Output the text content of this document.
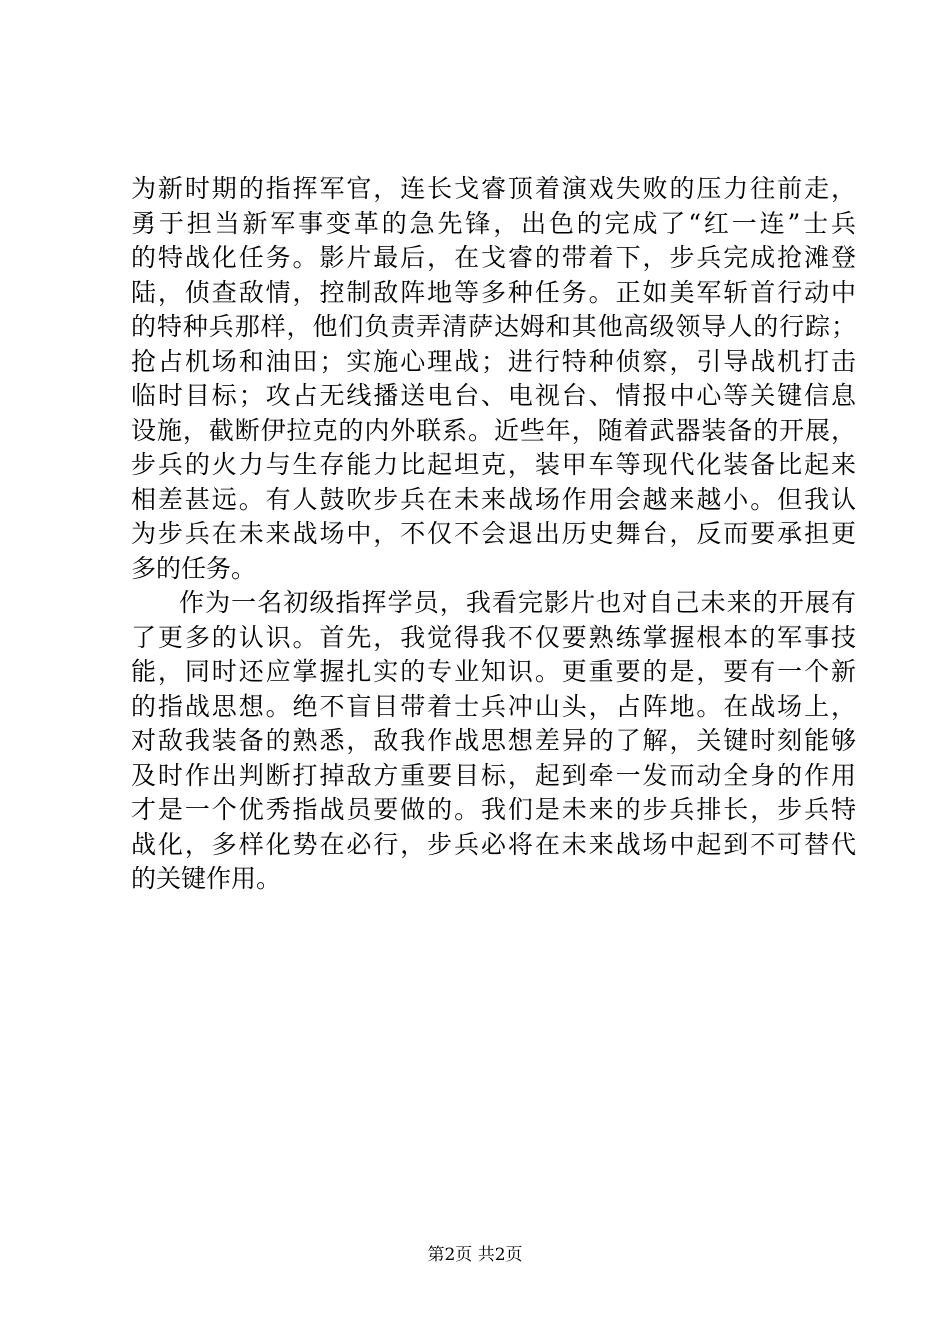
为新时期的指挥军官，连长戈睿顶着演戏失败的压力往前走，
勇于担当新军事变革的急先锋，出色的完成了“红一连”士兵
的特战化任务。影片最后，在戈睿的带着下，步兵完成抢滩登
陆，侦查敌情，控制敌阵地等多种任务。正如美军斩首行动中
的特种兵那样，他们负责弄清萨达姆和其他高级领导人的行踪；
抢占机场和油田；实施心理战；进行特种侦察，引导战机打击
临时目标；攻占无线播送电台、电视台、情报中心等关键信息
设施，截断伊拉克的内外联系。近些年，随着武器装备的开展，
步兵的火力与生存能力比起坦克，装甲车等现代化装备比起来
相差甚远。有人鼓吹步兵在未来战场作用会越来越小。但我认
为步兵在未来战场中，不仅不会退出历史舞台，反而要承担更
多的任务。
作为一名初级指挥学员，我看完影片也对自己未来的开展有
了更多的认识。首先，我觉得我不仅要熟练掌握根本的军事技
能，同时还应掌握扎实的专业知识。更重要的是，要有一个新
的指战思想。绝不盲目带着士兵冲山头，占阵地。在战场上，
对敌我装备的熟悉，敌我作战思想差异的了解，关键时刻能够
及时作出判断打掉敌方重要目标，起到牵一发而动全身的作用
才是一个优秀指战员要做的。我们是未来的步兵排长，步兵特
战化，多样化势在必行，步兵必将在未来战场中起到不可替代
的关键作用。
第2页 共2页
